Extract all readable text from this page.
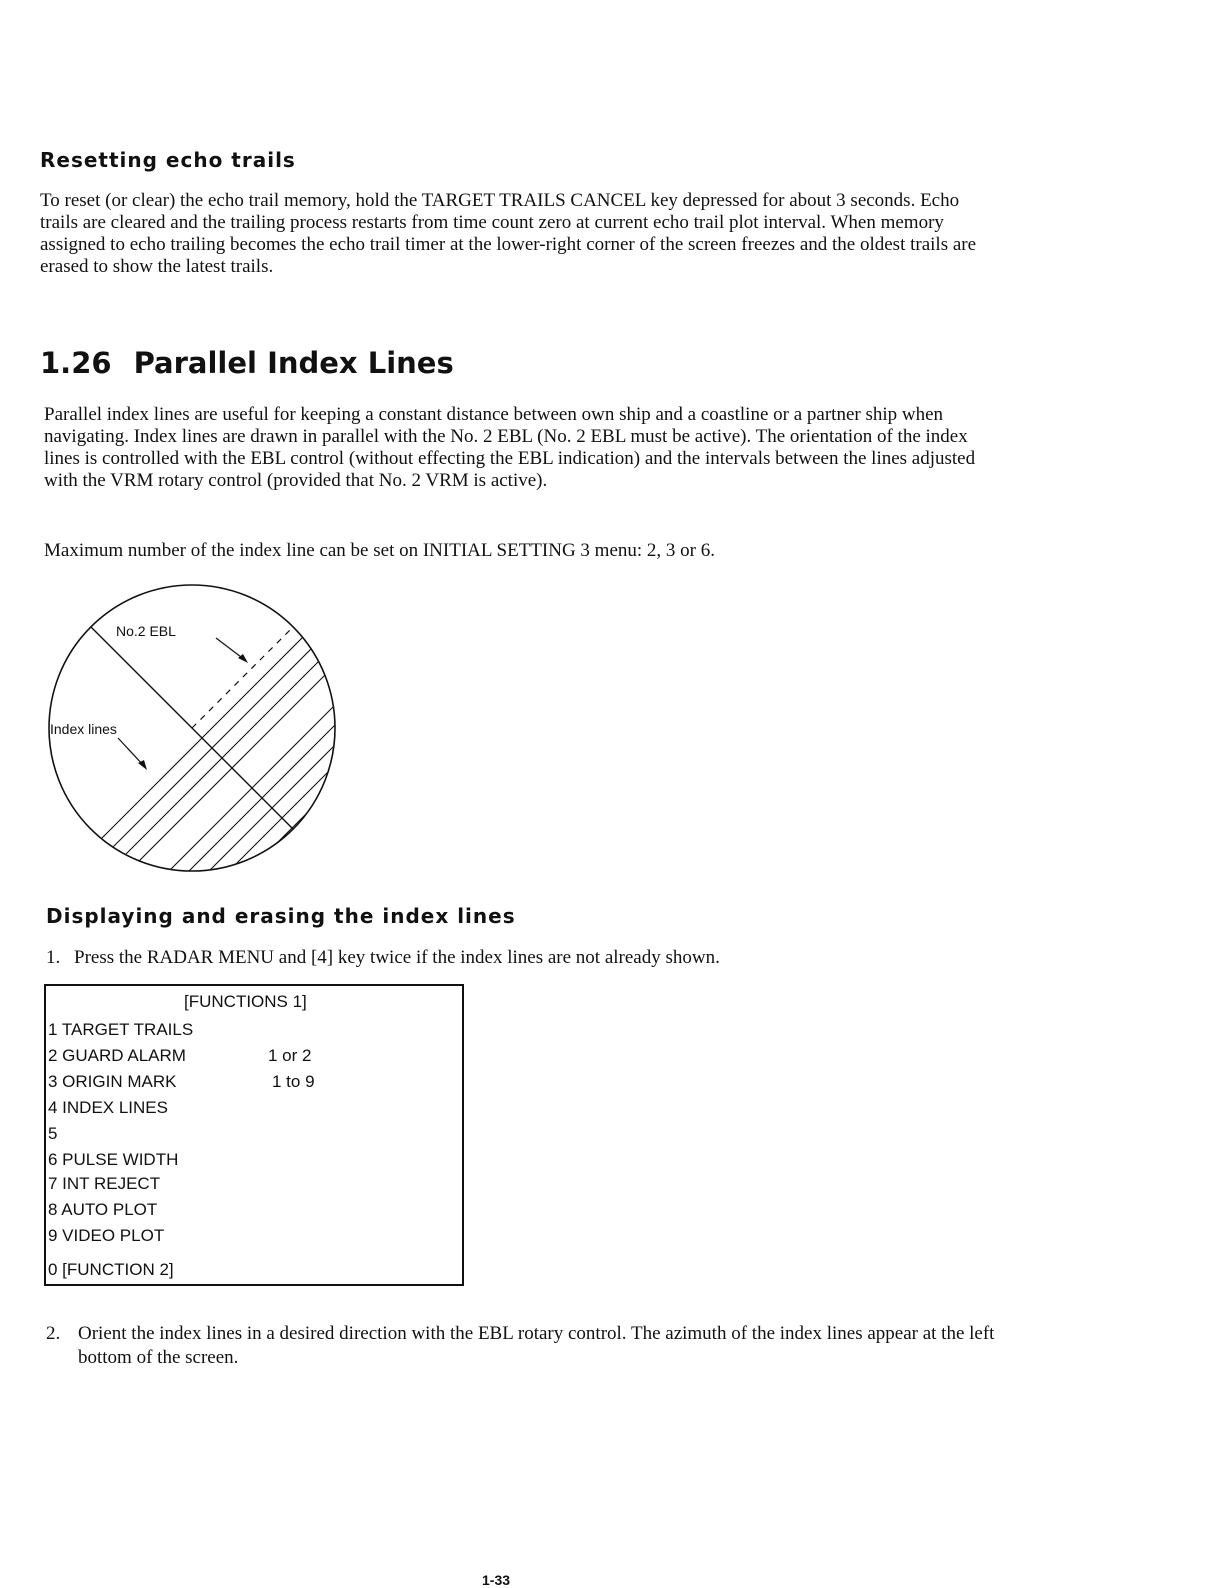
Resetting echo trails

To reset (or clear) the echo trail memory, hold the TARGET TRAILS CANCEL key depressed for about 3 seconds. Echo trails are cleared and the trailing process restarts from time count zero at current echo trail plot interval. When memory assigned to echo trailing becomes the echo trail timer at the lower-right corner of the screen freezes and the oldest trails are erased to show the latest trails.

1.26 Parallel Index Lines

Parallel index lines are useful for keeping a constant distance between own ship and a coastline or a partner ship when navigating. Index lines are drawn in parallel with the No. 2 EBL (No. 2 EBL must be active). The orientation of the index lines is controlled with the EBL control (without effecting the EBL indication) and the intervals between the lines adjusted with the VRM rotary control (provided that No. 2 VRM is active).

Maximum number of the index line can be set on INITIAL SETTING 3 menu: 2, 3 or 6.

No.2 EBL
Index lines
Displaying and erasing the index lines
1. Press the RADAR MENU and [4] key twice if the index lines are not already shown.
[FUNCTIONS 1]
1 TARGET TRAILS
2 GUARD ALARM	1 or 2
3 ORIGIN MARK	1 to 9
4 INDEX LINES
5
6 PULSE WIDTH
7 INT REJECT
8 AUTO PLOT
9 VIDEO PLOT
0 [FUNCTION 2]
2. Orient the index lines in a desired direction with the EBL rotary control. The azimuth of the index lines appear at the left bottom of the screen.
1-33
